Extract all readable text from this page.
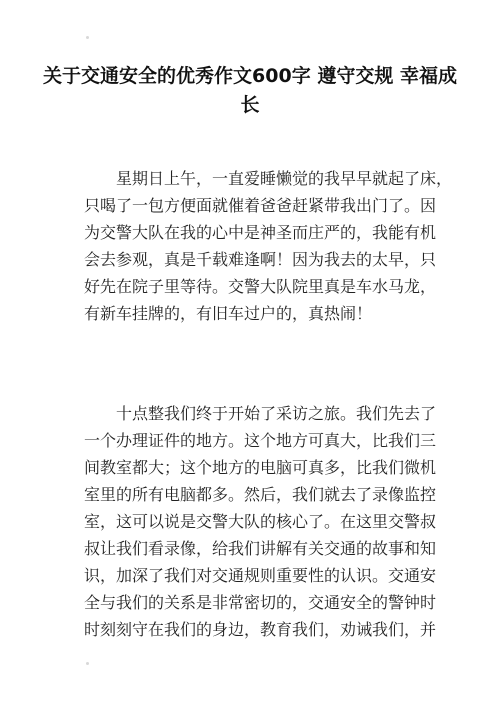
关于交通安全的优秀作文600字 遵守交规 幸福成长
　　星期日上午，一直爱睡懒觉的我早早就起了床，
只喝了一包方便面就催着爸爸赶紧带我出门了。因
为交警大队在我的心中是神圣而庄严的，我能有机
会去参观，真是千载难逢啊！因为我去的太早，只
好先在院子里等待。交警大队院里真是车水马龙，
有新车挂牌的，有旧车过户的，真热闹！
　　十点整我们终于开始了采访之旅。我们先去了
一个办理证件的地方。这个地方可真大，比我们三
间教室都大；这个地方的电脑可真多，比我们微机
室里的所有电脑都多。然后，我们就去了录像监控
室，这可以说是交警大队的核心了。在这里交警叔
叔让我们看录像，给我们讲解有关交通的故事和知
识，加深了我们对交通规则重要性的认识。交通安
全与我们的关系是非常密切的，交通安全的警钟时
时刻刻守在我们的身边，教育我们，劝诫我们，并
